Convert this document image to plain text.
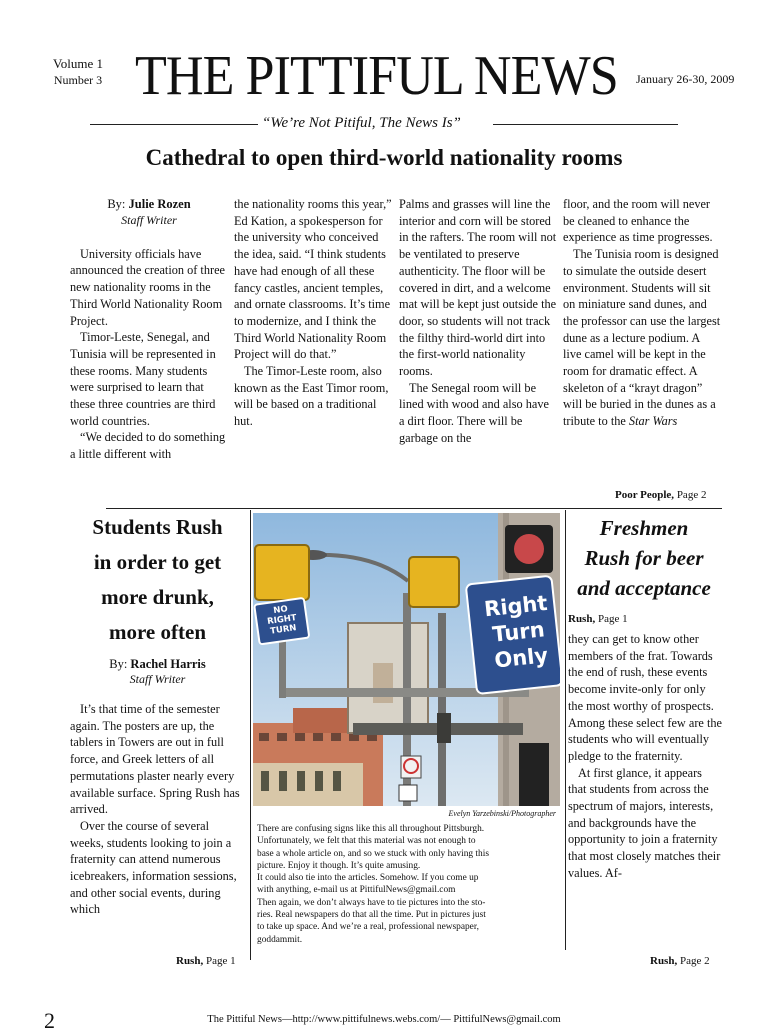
Volume 1
Number 3 THE PITTIFUL NEWS January 26-30, 2009
“We’re Not Pitiful, The News Is”
Cathedral to open third-world nationality rooms
By: Julie Rozen
Staff Writer

University officials have announced the creation of three new nationality rooms in the Third World Nationality Room Project.

Timor-Leste, Senegal, and Tunisia will be represented in these rooms. Many students were surprised to learn that these three countries are third world countries.

“We decided to do something a little different with

the nationality rooms this year,” Ed Kation, a spokesperson for the university who conceived the idea, said. “I think students have had enough of all these fancy castles, ancient temples, and ornate classrooms. It’s time to modernize, and I think the Third World Nationality Room Project will do that.”

The Timor-Leste room, also known as the East Timor room, will be based on a traditional hut.

Palms and grasses will line the interior and corn will be stored in the rafters. The room will not be ventilated to preserve authenticity. The floor will be covered in dirt, and a welcome mat will be kept just outside the door, so students will not track the filthy third-world dirt into the first-world nationality rooms.

The Senegal room will be lined with wood and also have a dirt floor. There will be garbage on the

floor, and the room will never be cleaned to enhance the experience as time progresses.

The Tunisia room is designed to simulate the outside desert environment. Students will sit on miniature sand dunes, and the professor can use the largest dune as a lecture podium. A live camel will be kept in the room for dramatic effect. A skeleton of a “krayt dragon” will be buried in the dunes as a tribute to the Star Wars

Poor People, Page 2
Students Rush
in order to get
more drunk,
more often
By: Rachel Harris
Staff Writer

It’s that time of the semester again. The posters are up, the tablers in Towers are out in full force, and Greek letters of all permutations plaster nearly every available surface. Spring Rush has arrived.

Over the course of several weeks, students looking to join a fraternity can attend numerous icebreakers, information sessions, and other social events, during which

Rush, Page 1
Right Turn Only
NO RIGHT TURN
Evelyn Yarzebinski/Photographer
There are confusing signs like this all throughout Pittsburgh.
Unfortunately, we felt that this material was not enough to
base a whole article on, and so we stuck with only having this
picture. Enjoy it though. It’s quite amusing.
It could also tie into the articles. Somehow. If you come up
with anything, e-mail us at PittifulNews@gmail.com
Then again, we don’t always have to tie pictures into the sto-
ries. Real newspapers do that all the time. Put in pictures just
to take up space. And we’re a real, professional newspaper,
goddammit.
Freshmen
Rush for beer
and acceptance
Rush, Page 1

they can get to know other members of the frat. Towards the end of rush, these events become invite-only for only the most worthy of prospects. Among these select few are the students who will eventually pledge to the fraternity.

At first glance, it appears that students from across the spectrum of majors, interests, and backgrounds have the opportunity to join a fraternity that most closely matches their values. Af-

Rush, Page 2
2	The Pittiful News—http://www.pittifulnews.webs.com/— PittifulNews@gmail.com
